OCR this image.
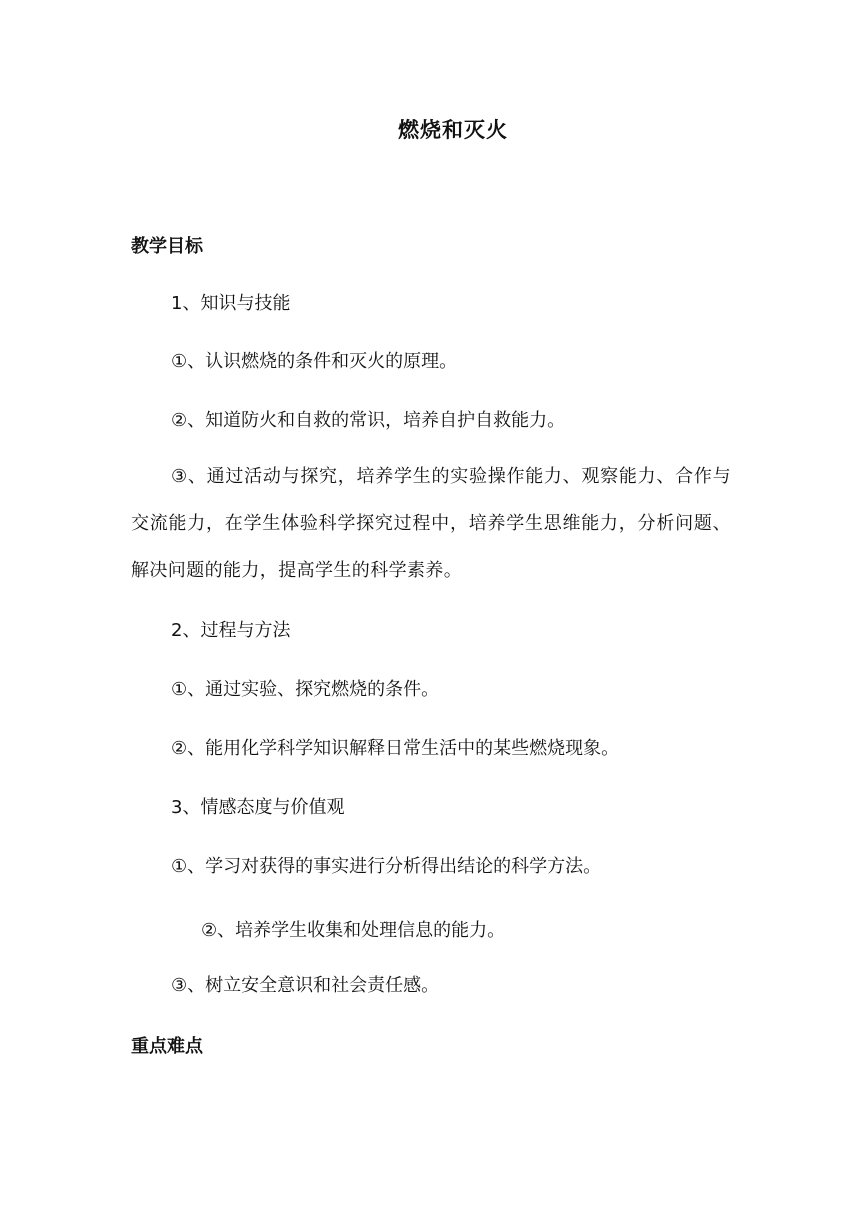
燃烧和灭火
教学目标
1、知识与技能
①、认识燃烧的条件和灭火的原理。
②、知道防火和自救的常识，培养自护自救能力。
③、通过活动与探究，培养学生的实验操作能力、观察能力、合作与交流能力，在学生体验科学探究过程中，培养学生思维能力，分析问题、解决问题的能力，提高学生的科学素养。
2、过程与方法
①、通过实验、探究燃烧的条件。
②、能用化学科学知识解释日常生活中的某些燃烧现象。
3、情感态度与价值观
①、学习对获得的事实进行分析得出结论的科学方法。
②、培养学生收集和处理信息的能力。
③、树立安全意识和社会责任感。
重点难点
